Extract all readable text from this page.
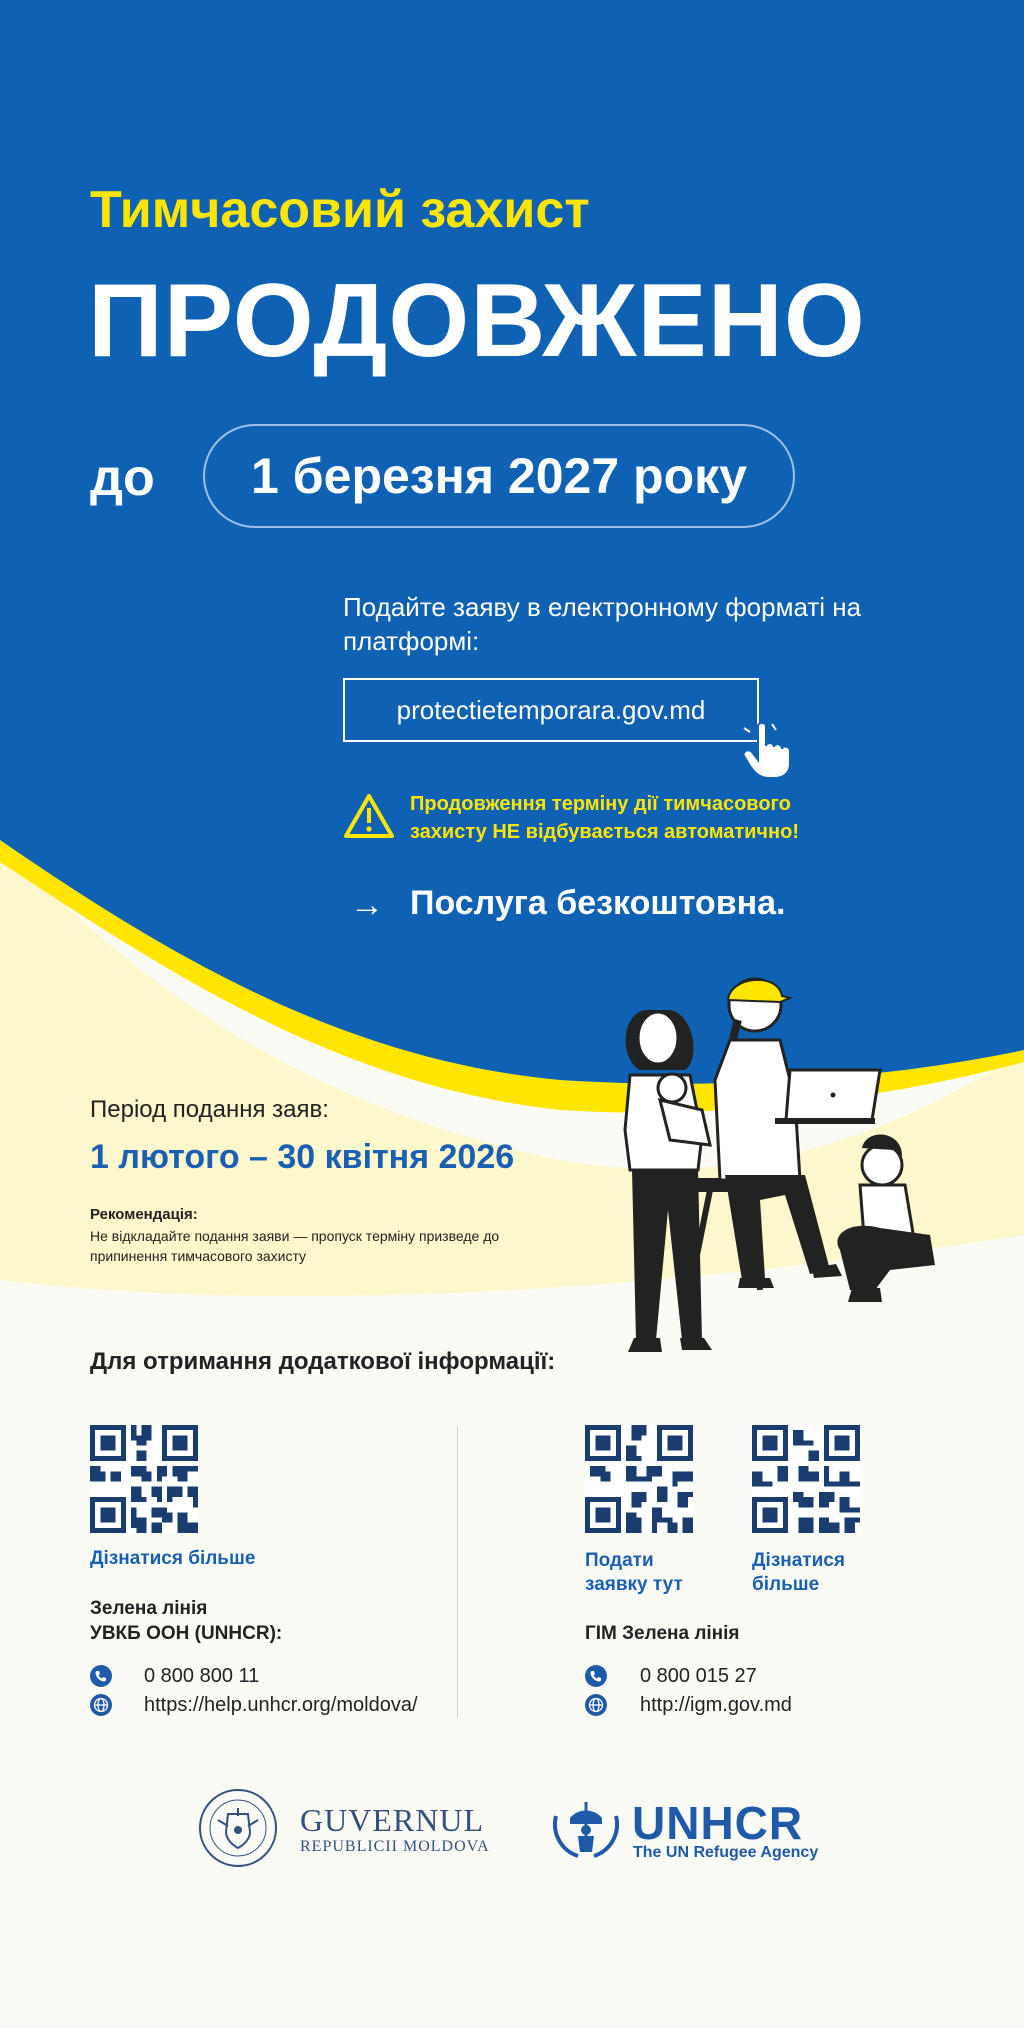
Тимчасовий захист
ПРОДОВЖЕНО
до	1 березня 2027 року
Подайте заяву в електронному форматі на платформі:
protectietemporara.gov.md
Продовження терміну дії тимчасового захисту НЕ відбувається автоматично!
→ Послуга безкоштовна.
Період подання заяв:
1 лютого – 30 квітня 2026
Рекомендація:
Не відкладайте подання заяви — пропуск терміну призведе до припинення тимчасового захисту
Для отримання додаткової інформації:
Дізнатися більше
Зелена лінія
УВКБ ООН (UNHCR):
0 800 800 11
https://help.unhcr.org/moldova/
Подати
заявку тут
Дізнатися
більше
ГІМ Зелена лінія
0 800 015 27
http://igm.gov.md
GUVERNUL
REPUBLICII MOLDOVA	UNHCR
The UN Refugee Agency
